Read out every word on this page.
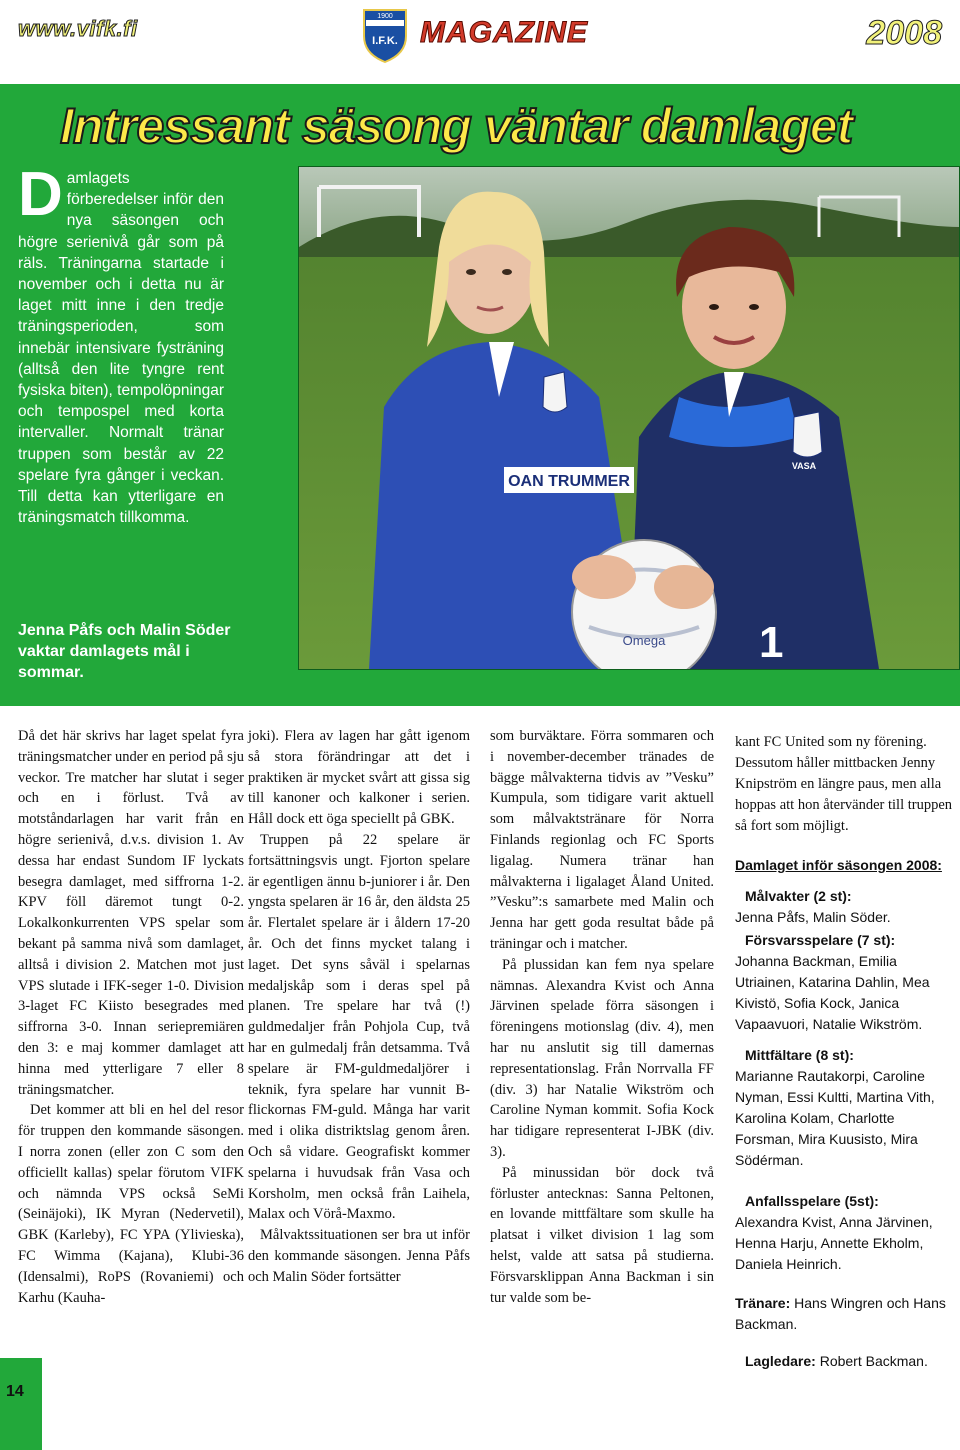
www.vifk.fi	1900
I.F.K. MAGAZINE	2008
Intressant säsong väntar damlaget
Damlagets förberedelser inför den nya säsongen och högre serienivå går som på räls. Träningarna startade i november och i detta nu är laget mitt inne i den tredje träningsperioden, som innebär intensivare fysträning (alltså den lite tyngre rent fysiska biten), tempolöpningar och tempospel med korta intervaller. Normalt tränar truppen som består av 22 spelare fyra gånger i veckan. Till detta kan ytterligare en träningsmatch tillkomma.
Jenna Påfs och Malin Söder vaktar damlagets mål i sommar.
OAN TRUMMER
VASA
1
Omega

Då det här skrivs har laget spelat fyra träningsmatcher under en period på sju veckor. Tre matcher har slutat i seger och en i förlust. Två av motståndarlagen har varit från en högre serienivå, d.v.s. division 1. Av dessa har endast Sundom IF lyckats besegra damlaget, med siffrorna 1-2. KPV föll däremot tungt 0-2. Lokalkonkurrenten VPS spelar som bekant på samma nivå som damlaget, alltså i division 2. Matchen mot just VPS slutade i IFK-seger 1-0. Division 3-laget FC Kiisto besegrades med siffrorna 3-0. Innan seriepremiären den 3: e maj kommer damlaget att hinna med ytterligare 7 eller 8 träningsmatcher.

Det kommer att bli en hel del resor för truppen den kommande säsongen. I norra zonen (eller zon C som den officiellt kallas) spelar förutom VIFK och nämnda VPS också SeMi (Seinäjoki), IK Myran (Nedervetil), GBK (Karleby), FC YPA (Ylivieska), FC Wimma (Kajana), Klubi-36 (Idensalmi), RoPS (Rovaniemi) och Karhu (Kauha-

joki). Flera av lagen har gått igenom så stora förändringar att det i praktiken är mycket svårt att gissa sig till kanoner och kalkoner i serien. Håll dock ett öga speciellt på GBK.

Truppen på 22 spelare är fortsättningsvis ungt. Fjorton spelare är egentligen ännu b-juniorer i år. Den yngsta spelaren är 16 år, den äldsta 25 år. Flertalet spelare är i åldern 17-20 år. Och det finns mycket talang i laget. Det syns såväl i spelarnas medaljskåp som i deras spel på planen. Tre spelare har två (!) guldmedaljer från Pohjola Cup, två har en gulmedalj från detsamma. Två spelare är FM-guldmedaljörer i teknik, fyra spelare har vunnit B-flickornas FM-guld. Många har varit med i olika distriktslag genom åren. Och så vidare. Geografiskt kommer spelarna i huvudsak från Vasa och Korsholm, men också från Laihela, Malax och Vörå-Maxmo.

Målvaktssituationen ser bra ut inför den kommande säsongen. Jenna Påfs och Malin Söder fortsätter

som burväktare. Förra sommaren och i november-december tränades de bägge målvakterna tidvis av ”Vesku” Kumpula, som tidigare varit aktuell som målvaktstränare för Norra Finlands regionlag och FC Sports ligalag. Numera tränar han målvakterna i ligalaget Åland United. ”Vesku”:s samarbete med Malin och Jenna har gett goda resultat både på träningar och i matcher.

På plussidan kan fem nya spelare nämnas. Alexandra Kvist och Anna Järvinen spelade förra säsongen i föreningens motionslag (div. 4), men har nu anslutit sig till damernas representationslag. Från Norrvalla FF (div. 3) har Natalie Wikström och Caroline Nyman kommit. Sofia Kock har tidigare representerat I-JBK (div. 3).

På minussidan bör dock två förluster antecknas: Sanna Peltonen, en lovande mittfältare som skulle ha platsat i vilket division 1 lag som helst, valde att satsa på studierna. Försvarsklippan Anna Backman i sin tur valde som be-

kant FC United som ny förening. Dessutom håller mittbacken Jenny Knipström en längre paus, men alla hoppas att hon återvänder till truppen så fort som möjligt.
Damlaget inför säsongen 2008:
Målvakter (2 st):
Jenna Påfs, Malin Söder.
Försvarsspelare (7 st):
Johanna Backman, Emilia Utriainen, Katarina Dahlin, Mea Kivistö, Sofia Kock, Janica Vapaavuori, Natalie Wikström.
Mittfältare (8 st):
Marianne Rautakorpi, Caroline Nyman, Essi Kultti, Martina Vith, Karolina Kolam, Charlotte Forsman, Mira Kuusisto, Mira Södérman.
Anfallsspelare (5st):
Alexandra Kvist, Anna Järvinen, Henna Harju, Annette Ekholm, Daniela Heinrich.
Tränare: Hans Wingren och Hans Backman.
Lagledare: Robert Backman.
14
